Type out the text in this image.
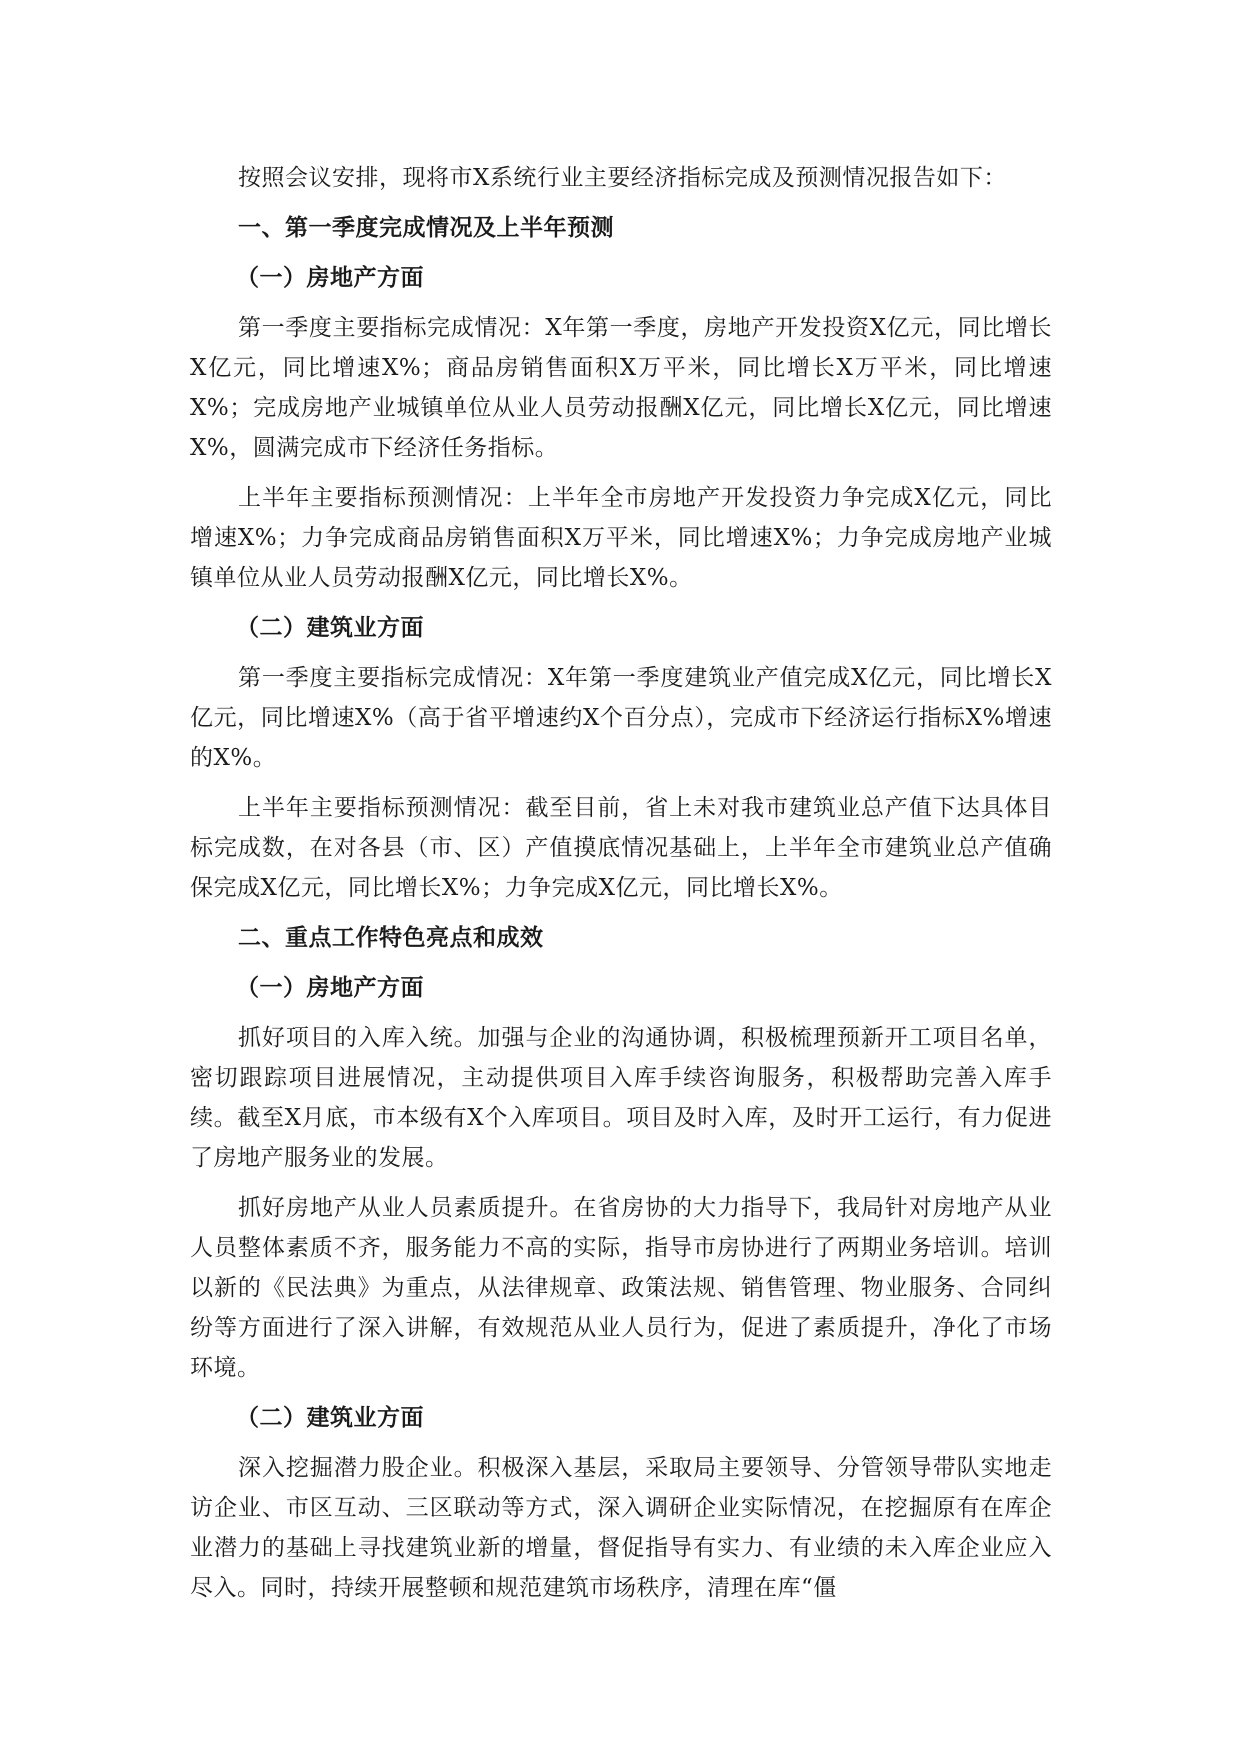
按照会议安排，现将市X系统行业主要经济指标完成及预测情况报告如下：

一、第一季度完成情况及上半年预测

（一）房地产方面

第一季度主要指标完成情况：X年第一季度，房地产开发投资X亿元，同比增长X亿元，同比增速X%；商品房销售面积X万平米，同比增长X万平米，同比增速X%；完成房地产业城镇单位从业人员劳动报酬X亿元，同比增长X亿元，同比增速X%，圆满完成市下经济任务指标。

上半年主要指标预测情况：上半年全市房地产开发投资力争完成X亿元，同比增速X%；力争完成商品房销售面积X万平米，同比增速X%；力争完成房地产业城镇单位从业人员劳动报酬X亿元，同比增长X%。

（二）建筑业方面

第一季度主要指标完成情况：X年第一季度建筑业产值完成X亿元，同比增长X亿元，同比增速X%（高于省平增速约X个百分点），完成市下经济运行指标X%增速的X%。

上半年主要指标预测情况：截至目前，省上未对我市建筑业总产值下达具体目标完成数，在对各县（市、区）产值摸底情况基础上，上半年全市建筑业总产值确保完成X亿元，同比增长X%；力争完成X亿元，同比增长X%。

二、重点工作特色亮点和成效

（一）房地产方面

抓好项目的入库入统。加强与企业的沟通协调，积极梳理预新开工项目名单，密切跟踪项目进展情况，主动提供项目入库手续咨询服务，积极帮助完善入库手续。截至X月底，市本级有X个入库项目。项目及时入库，及时开工运行，有力促进了房地产服务业的发展。

抓好房地产从业人员素质提升。在省房协的大力指导下，我局针对房地产从业人员整体素质不齐，服务能力不高的实际，指导市房协进行了两期业务培训。培训以新的《民法典》为重点，从法律规章、政策法规、销售管理、物业服务、合同纠纷等方面进行了深入讲解，有效规范从业人员行为，促进了素质提升，净化了市场环境。

（二）建筑业方面

深入挖掘潜力股企业。积极深入基层，采取局主要领导、分管领导带队实地走访企业、市区互动、三区联动等方式，深入调研企业实际情况，在挖掘原有在库企业潜力的基础上寻找建筑业新的增量，督促指导有实力、有业绩的未入库企业应入尽入。同时，持续开展整顿和规范建筑市场秩序，清理在库“僵
